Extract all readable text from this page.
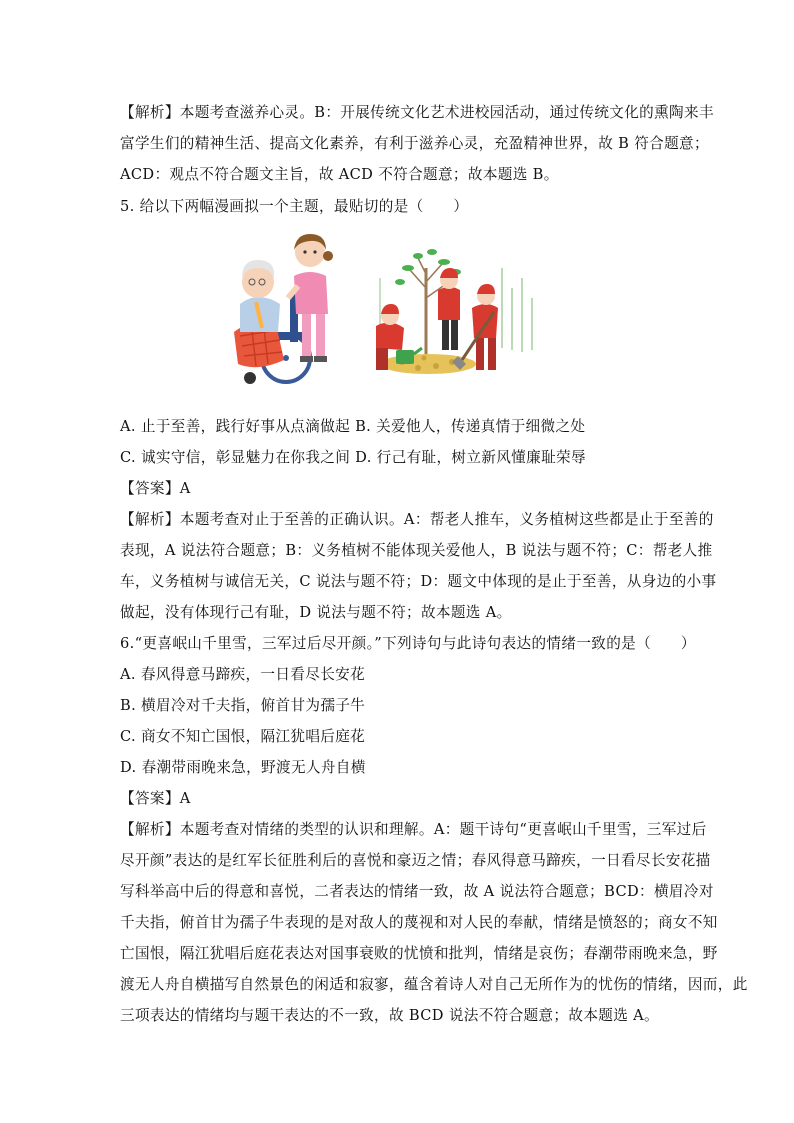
【解析】本题考查滋养心灵。B：开展传统文化艺术进校园活动，通过传统文化的熏陶来丰
富学生们的精神生活、提高文化素养，有利于滋养心灵，充盈精神世界，故 B 符合题意；
ACD：观点不符合题文主旨，故 ACD 不符合题意；故本题选 B。
5. 给以下两幅漫画拟一个主题，最贴切的是（　　）
A. 止于至善，践行好事从点滴做起 B. 关爱他人，传递真情于细微之处
C. 诚实守信，彰显魅力在你我之间 D. 行己有耻，树立新风懂廉耻荣辱
【答案】A
【解析】本题考查对止于至善的正确认识。A：帮老人推车，义务植树这些都是止于至善的
表现，A 说法符合题意；B：义务植树不能体现关爱他人，B 说法与题不符；C：帮老人推
车，义务植树与诚信无关，C 说法与题不符；D：题文中体现的是止于至善，从身边的小事
做起，没有体现行己有耻，D 说法与题不符；故本题选 A。
6.“更喜岷山千里雪，三军过后尽开颜。”下列诗句与此诗句表达的情绪一致的是（　　）
A. 春风得意马蹄疾，一日看尽长安花
B. 横眉冷对千夫指，俯首甘为孺子牛
C. 商女不知亡国恨，隔江犹唱后庭花
D. 春潮带雨晚来急，野渡无人舟自横
【答案】A
【解析】本题考查对情绪的类型的认识和理解。A：题干诗句“更喜岷山千里雪，三军过后
尽开颜”表达的是红军长征胜利后的喜悦和豪迈之情；春风得意马蹄疾，一日看尽长安花描
写科举高中后的得意和喜悦，二者表达的情绪一致，故 A 说法符合题意；BCD：横眉冷对
千夫指，俯首甘为孺子牛表现的是对敌人的蔑视和对人民的奉献，情绪是愤怒的；商女不知
亡国恨，隔江犹唱后庭花表达对国事衰败的忧愤和批判，情绪是哀伤；春潮带雨晚来急，野
渡无人舟自横描写自然景色的闲适和寂寥，蕴含着诗人对自己无所作为的忧伤的情绪，因而，此
三项表达的情绪均与题干表达的不一致，故 BCD 说法不符合题意；故本题选 A。
